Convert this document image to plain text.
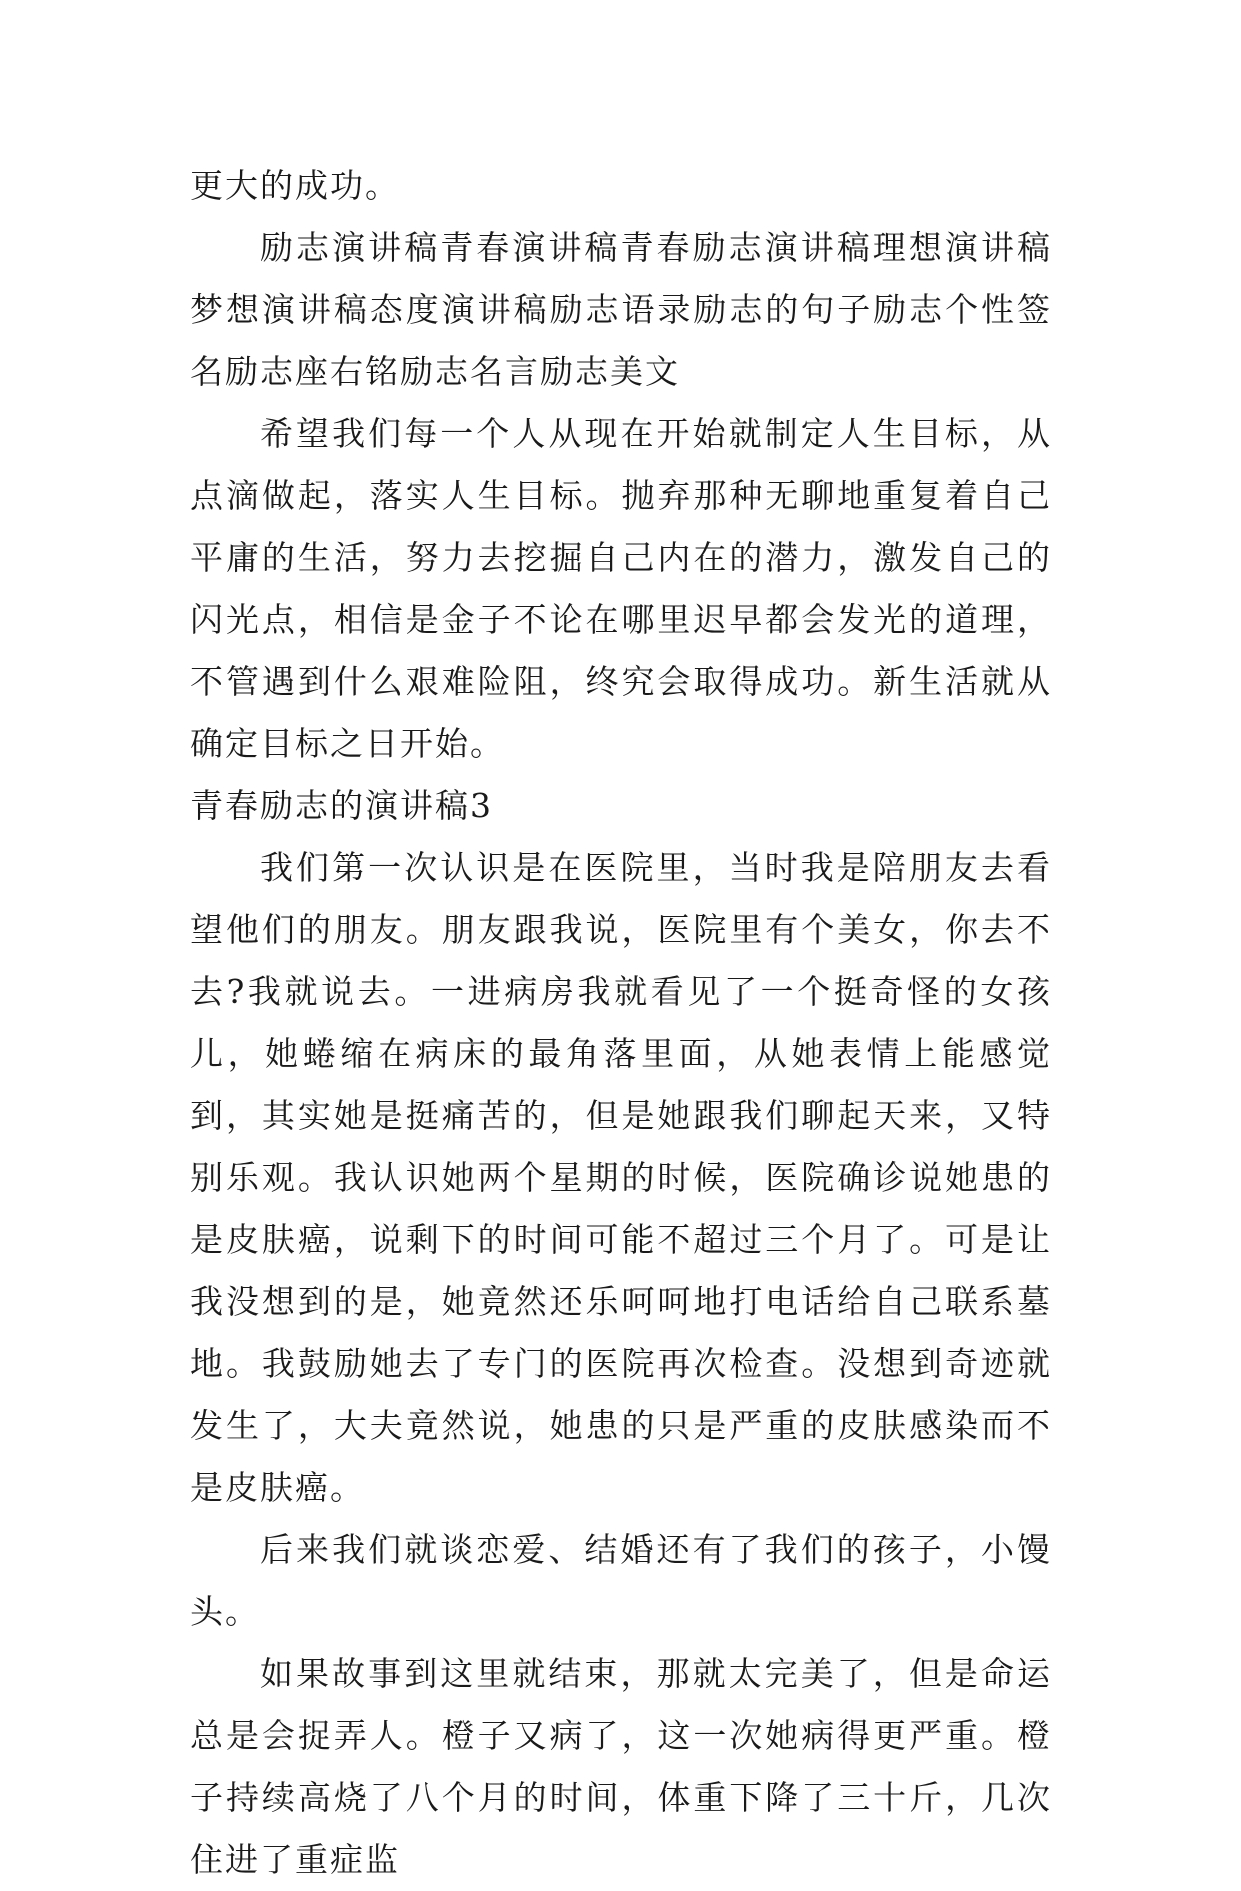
更大的成功。

励志演讲稿青春演讲稿青春励志演讲稿理想演讲稿梦想演讲稿态度演讲稿励志语录励志的句子励志个性签名励志座右铭励志名言励志美文

希望我们每一个人从现在开始就制定人生目标，从点滴做起，落实人生目标。抛弃那种无聊地重复着自己平庸的生活，努力去挖掘自己内在的潜力，激发自己的闪光点，相信是金子不论在哪里迟早都会发光的道理，不管遇到什么艰难险阻，终究会取得成功。新生活就从确定目标之日开始。

青春励志的演讲稿3

我们第一次认识是在医院里，当时我是陪朋友去看望他们的朋友。朋友跟我说，医院里有个美女，你去不去?我就说去。一进病房我就看见了一个挺奇怪的女孩儿，她蜷缩在病床的最角落里面，从她表情上能感觉到，其实她是挺痛苦的，但是她跟我们聊起天来，又特别乐观。我认识她两个星期的时候，医院确诊说她患的是皮肤癌，说剩下的时间可能不超过三个月了。可是让我没想到的是，她竟然还乐呵呵地打电话给自己联系墓地。我鼓励她去了专门的医院再次检查。没想到奇迹就发生了，大夫竟然说，她患的只是严重的皮肤感染而不是皮肤癌。

后来我们就谈恋爱、结婚还有了我们的孩子，小馒头。

如果故事到这里就结束，那就太完美了，但是命运总是会捉弄人。橙子又病了，这一次她病得更严重。橙子持续高烧了八个月的时间，体重下降了三十斤，几次住进了重症监
